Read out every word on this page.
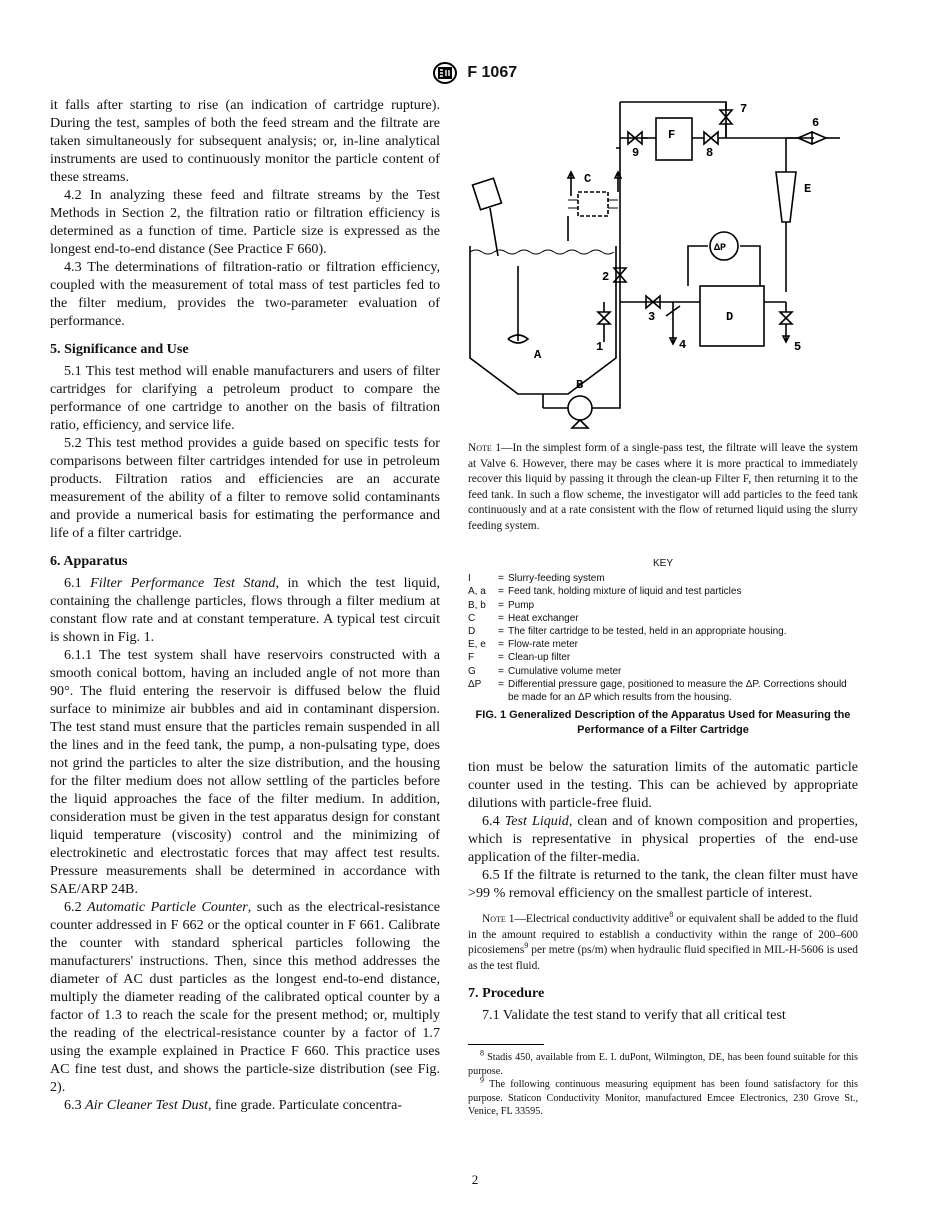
F 1067

it falls after starting to rise (an indication of cartridge rupture). During the test, samples of both the feed stream and the filtrate are taken simultaneously for subsequent analysis; or, in-line analytical instruments are used to continuously monitor the particle content of these streams.

4.2 In analyzing these feed and filtrate streams by the Test Methods in Section 2, the filtration ratio or filtration efficiency is determined as a function of time. Particle size is expressed as the longest end-to-end distance (See Practice F 660).

4.3 The determinations of filtration-ratio or filtration efficiency, coupled with the measurement of total mass of test particles fed to the filter medium, provides the two-parameter evaluation of performance.

5. Significance and Use

5.1 This test method will enable manufacturers and users of filter cartridges for clarifying a petroleum product to compare the performance of one cartridge to another on the basis of filtration ratio, efficiency, and service life.

5.2 This test method provides a guide based on specific tests for comparisons between filter cartridges intended for use in petroleum products. Filtration ratios and efficiencies are an accurate measurement of the ability of a filter to remove solid contaminants and provide a numerical basis for estimating the performance and life of a filter cartridge.

6. Apparatus

6.1 Filter Performance Test Stand, in which the test liquid, containing the challenge particles, flows through a filter medium at constant flow rate and at constant temperature. A typical test circuit is shown in Fig. 1.

6.1.1 The test system shall have reservoirs constructed with a smooth conical bottom, having an included angle of not more than 90°. The fluid entering the reservoir is diffused below the fluid surface to minimize air bubbles and aid in contaminant dispersion. The test stand must ensure that the particles remain suspended in all the lines and in the feed tank, the pump, a non-pulsating type, does not grind the particles to alter the size distribution, and the housing for the filter medium does not allow settling of the particles before the liquid approaches the face of the filter medium. In addition, consideration must be given in the test apparatus design for constant liquid temperature (viscosity) control and the minimizing of electrokinetic and electrostatic forces that may affect test results. Pressure measurements shall be determined in accordance with SAE/ARP 24B.

6.2 Automatic Particle Counter, such as the electrical-resistance counter addressed in F 662 or the optical counter in F 661. Calibrate the counter with standard spherical particles following the manufacturers' instructions. Then, since this method addresses the diameter of AC dust particles as the longest end-to-end distance, multiply the diameter reading of the calibrated optical counter by a factor of 1.3 to reach the scale for the present method; or, multiply the reading of the electrical-resistance counter by a factor of 1.7 using the example explained in Practice F 660. This practice uses AC fine test dust, and shows the particle-size distribution (see Fig. 2).

6.3 Air Cleaner Test Dust, fine grade. Particulate concentra-

A
B
C
D
E
F
ΔP
1
2
3
4	5
6
7
8
9
Note 1—In the simplest form of a single-pass test, the filtrate will leave the system at Valve 6. However, there may be cases where it is more practical to immediately recover this liquid by passing it through the clean-up Filter F, then returning it to the feed tank. In such a flow scheme, the investigator will add particles to the feed tank continuously and at a rate consistent with the flow of returned liquid using the slurry feeding system.
KEY
I	= Slurry-feeding system
A, a	= Feed tank, holding mixture of liquid and test particles
B, b	= Pump
C	= Heat exchanger
D	= The filter cartridge to be tested, held in an appropriate housing.
E, e	= Flow-rate meter
F	= Clean-up filter
G	= Cumulative volume meter
ΔP	= Differential pressure gage, positioned to measure the ΔP. Corrections should be made for an ΔP which results from the housing.
FIG. 1 Generalized Description of the Apparatus Used for Measuring the Performance of a Filter Cartridge

tion must be below the saturation limits of the automatic particle counter used in the testing. This can be achieved by appropriate dilutions with particle-free fluid.

6.4 Test Liquid, clean and of known composition and properties, which is representative in physical properties of the end-use application of the filter-media.

6.5 If the filtrate is returned to the tank, the clean filter must have >99 % removal efficiency on the smallest particle of interest.

Note 1—Electrical conductivity additive$^8$ or equivalent shall be added to the fluid in the amount required to establish a conductivity within the range of 200–600 picosiemens$^9$ per metre (ps/m) when hydraulic fluid specified in MIL-H-5606 is used as the test fluid.
7. Procedure

7.1 Validate the test stand to verify that all critical test

$^8$ Stadis 450, available from E. I. duPont, Wilmington, DE, has been found suitable for this purpose.

$^9$ The following continuous measuring equipment has been found satisfactory for this purpose. Staticon Conductivity Monitor, manufactured Emcee Electronics, 230 Grove St., Venice, FL 33595.

2
